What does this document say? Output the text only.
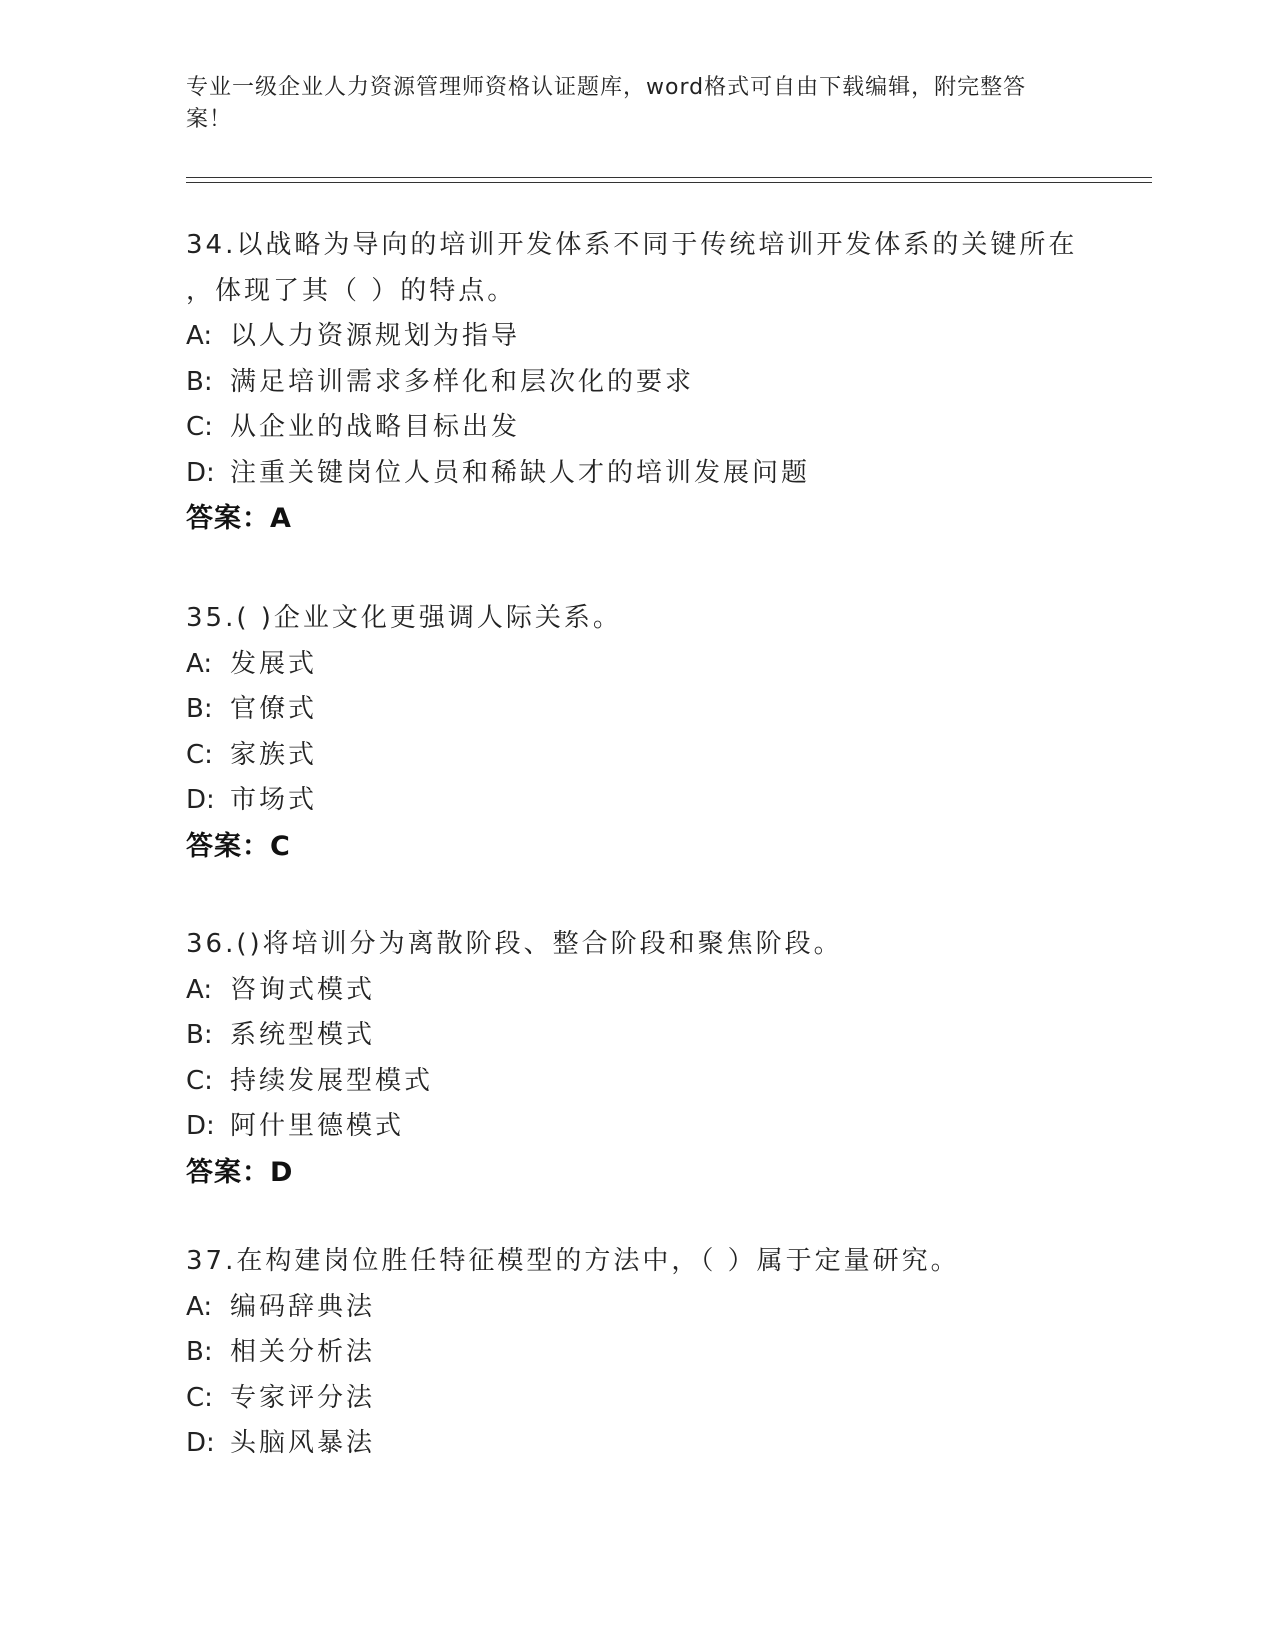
专业一级企业人力资源管理师资格认证题库，word格式可自由下载编辑，附完整答案！
34.以战略为导向的培训开发体系不同于传统培训开发体系的关键所在
，体现了其（ ）的特点。
A: 以人力资源规划为指导
B: 满足培训需求多样化和层次化的要求
C: 从企业的战略目标出发
D: 注重关键岗位人员和稀缺人才的培训发展问题
答案：A
35.( )企业文化更强调人际关系。
A: 发展式
B: 官僚式
C: 家族式
D: 市场式
答案：C
36.()将培训分为离散阶段、整合阶段和聚焦阶段。
A: 咨询式模式
B: 系统型模式
C: 持续发展型模式
D: 阿什里德模式
答案：D
37.在构建岗位胜任特征模型的方法中，（ ）属于定量研究。
A: 编码辞典法
B: 相关分析法
C: 专家评分法
D: 头脑风暴法
